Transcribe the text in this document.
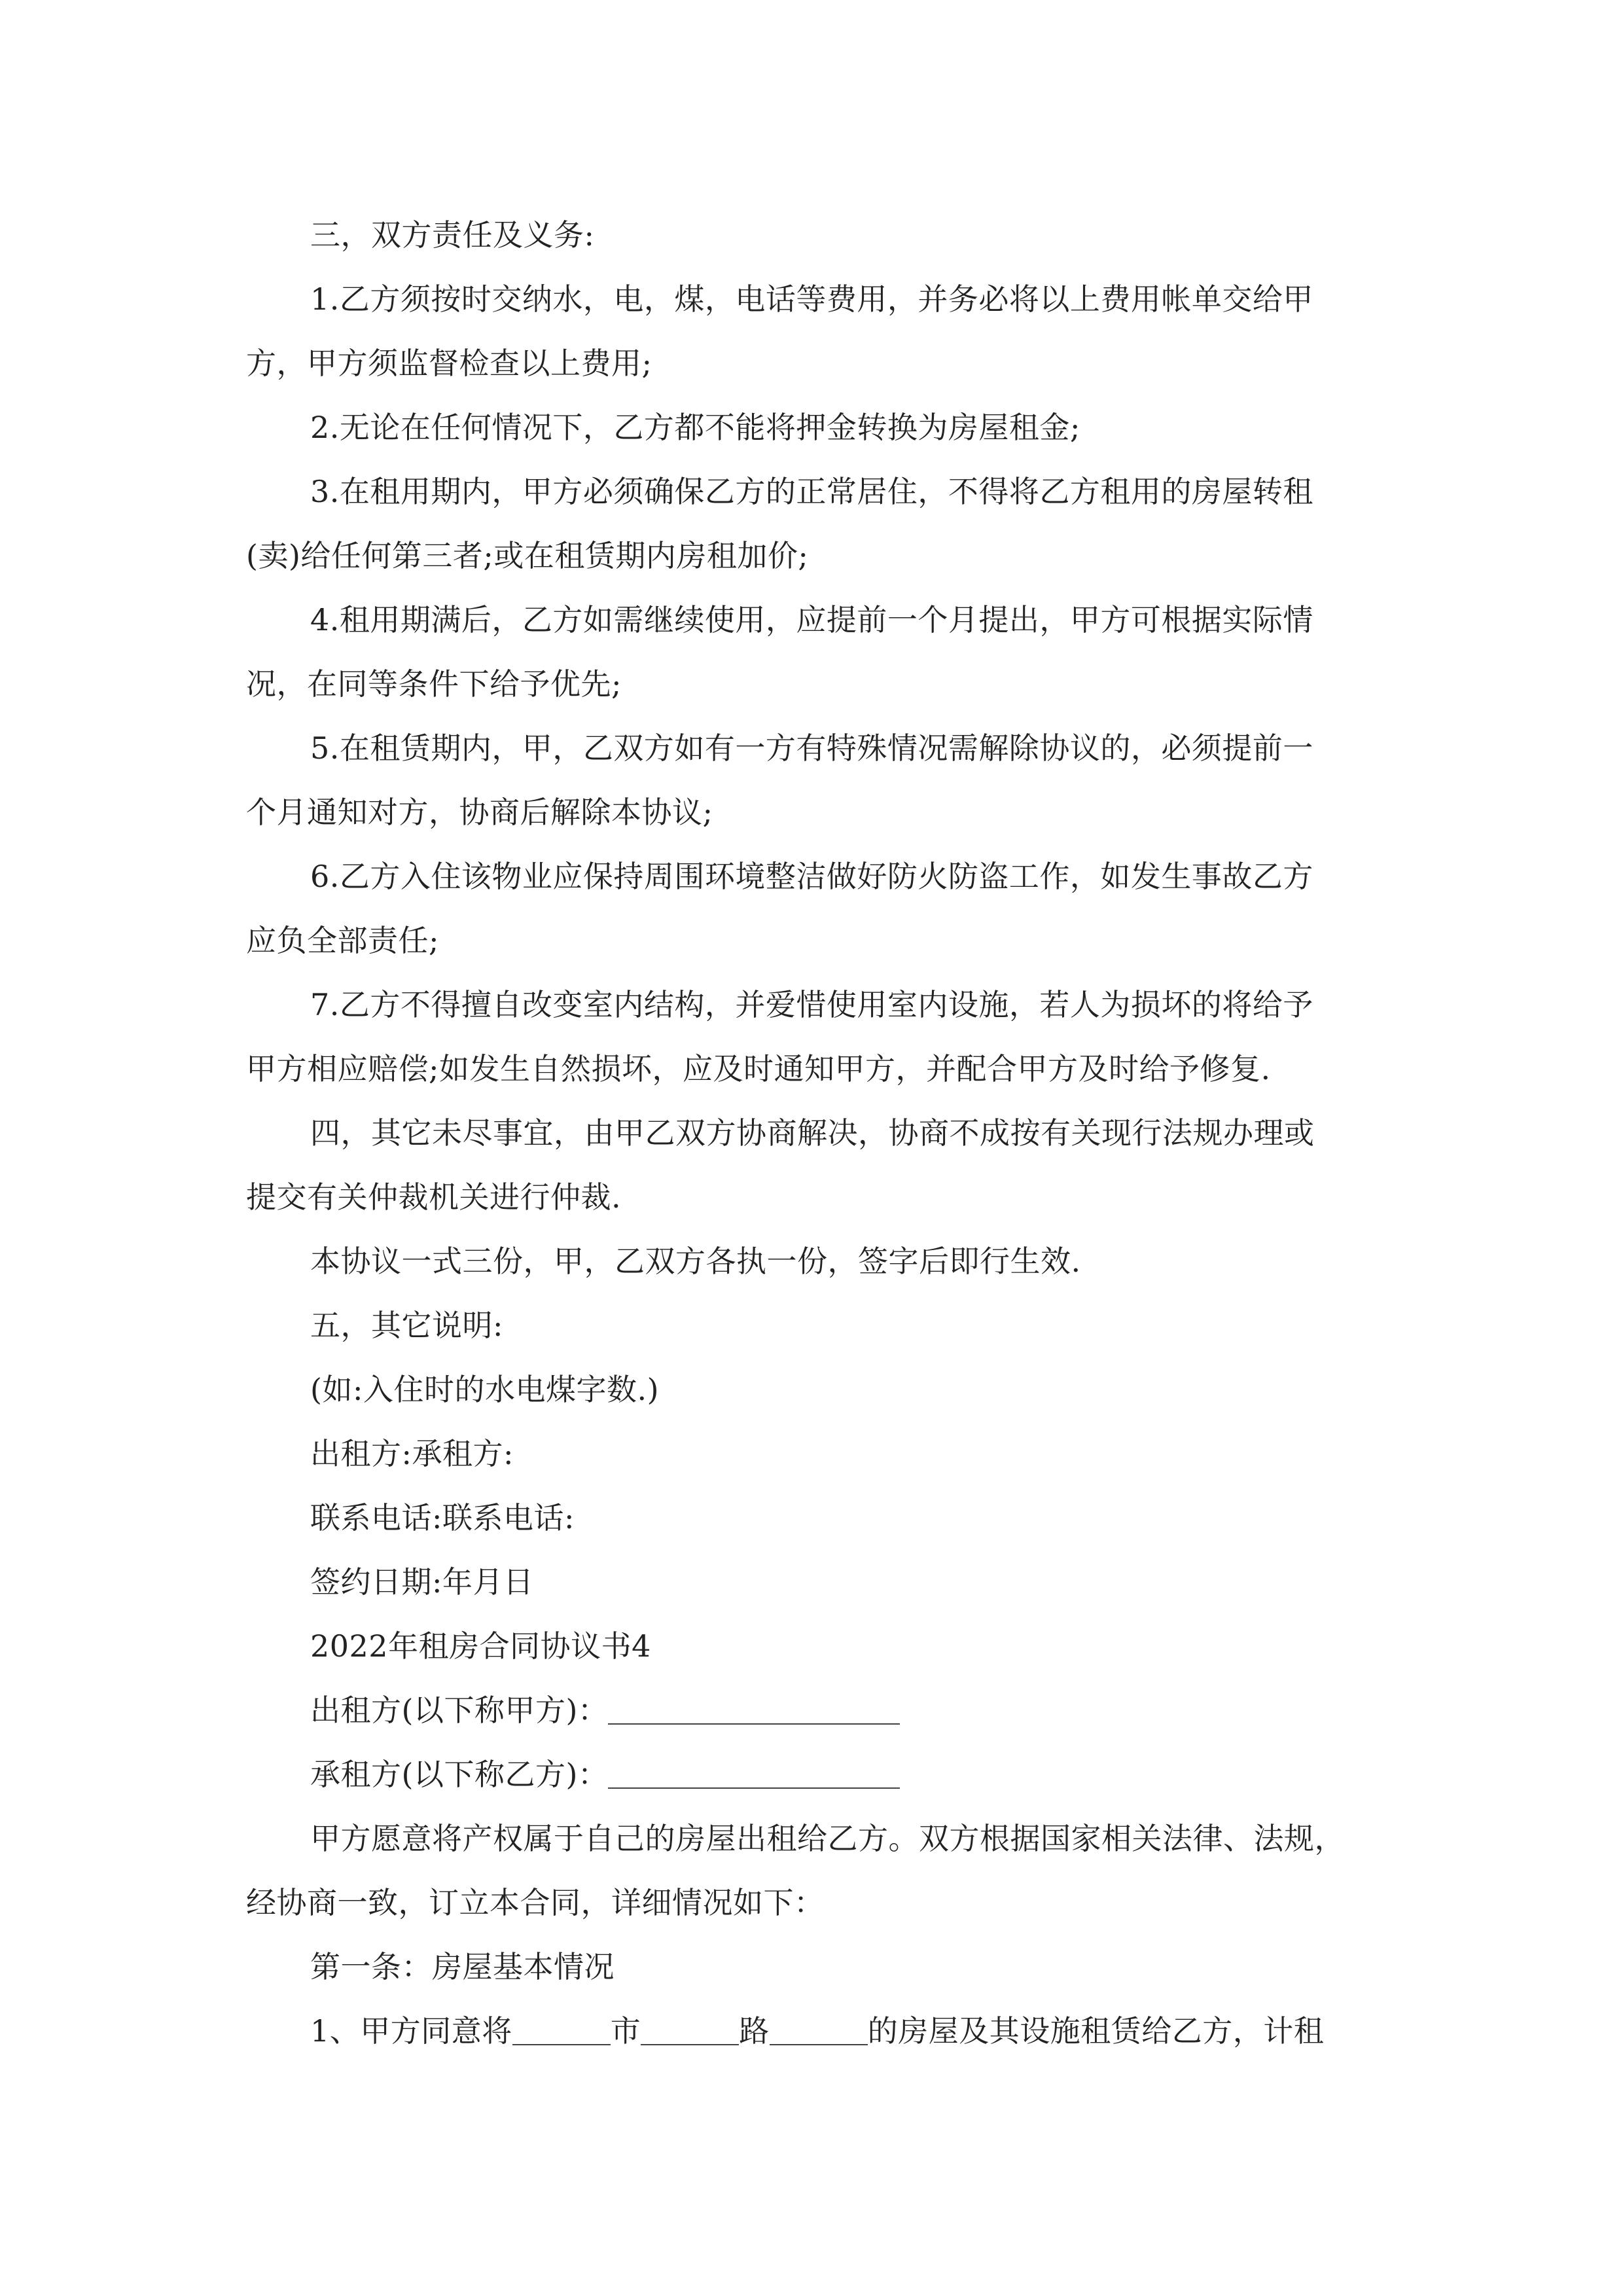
三，双方责任及义务:

1.乙方须按时交纳水，电，煤，电话等费用，并务必将以上费用帐单交给甲

方，甲方须监督检查以上费用;

2.无论在任何情况下，乙方都不能将押金转换为房屋租金;

3.在租用期内，甲方必须确保乙方的正常居住，不得将乙方租用的房屋转租

(卖)给任何第三者;或在租赁期内房租加价;

4.租用期满后，乙方如需继续使用，应提前一个月提出，甲方可根据实际情

况，在同等条件下给予优先;

5.在租赁期内，甲，乙双方如有一方有特殊情况需解除协议的，必须提前一

个月通知对方，协商后解除本协议;

6.乙方入住该物业应保持周围环境整洁做好防火防盗工作，如发生事故乙方

应负全部责任;

7.乙方不得擅自改变室内结构，并爱惜使用室内设施，若人为损坏的将给予

甲方相应赔偿;如发生自然损坏，应及时通知甲方，并配合甲方及时给予修复.

四，其它未尽事宜，由甲乙双方协商解决，协商不成按有关现行法规办理或

提交有关仲裁机关进行仲裁.

本协议一式三份，甲，乙双方各执一份，签字后即行生效.

五，其它说明:

(如:入住时的水电煤字数.)

出租方:承租方:

联系电话:联系电话:

签约日期:年月日

2022年租房合同协议书4

出租方(以下称甲方)：

承租方(以下称乙方)：

甲方愿意将产权属于自己的房屋出租给乙方。双方根据国家相关法律、法规，

经协商一致，订立本合同，详细情况如下：

第一条：房屋基本情况

1、甲方同意将	市	路	的房屋及其设施租赁给乙方，计租
